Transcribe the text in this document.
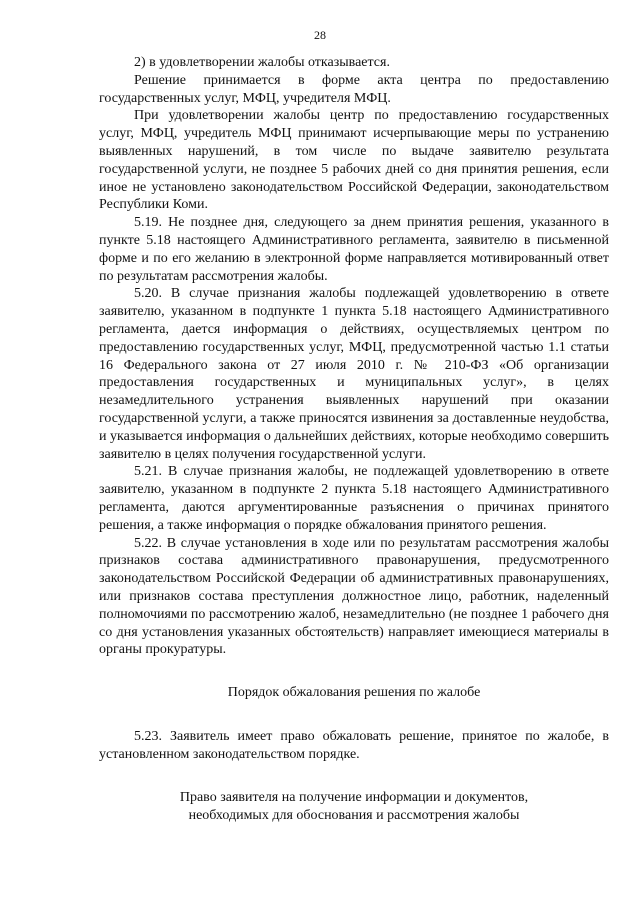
28

2) в удовлетворении жалобы отказывается.

Решение принимается в форме акта центра по предоставлению государственных услуг, МФЦ, учредителя МФЦ.

При удовлетворении жалобы центр по предоставлению государственных услуг, МФЦ, учредитель МФЦ принимают исчерпывающие меры по устранению выявленных нарушений, в том числе по выдаче заявителю результата государственной услуги, не позднее 5 рабочих дней со дня принятия решения, если иное не установлено законодательством Российской Федерации, законодательством Республики Коми.

5.19. Не позднее дня, следующего за днем принятия решения, указанного в пункте 5.18 настоящего Административного регламента, заявителю в письменной форме и по его желанию в электронной форме направляется мотивированный ответ по результатам рассмотрения жалобы.

5.20. В случае признания жалобы подлежащей удовлетворению в ответе заявителю, указанном в подпункте 1 пункта 5.18 настоящего Административного регламента, дается информация о действиях, осуществляемых центром по предоставлению государственных услуг, МФЦ, предусмотренной частью 1.1 статьи 16 Федерального закона от 27 июля 2010 г. № 210-ФЗ «Об организации предоставления государственных и муниципальных услуг», в целях незамедлительного устранения выявленных нарушений при оказании государственной услуги, а также приносятся извинения за доставленные неудобства, и указывается информация о дальнейших действиях, которые необходимо совершить заявителю в целях получения государственной услуги.

5.21. В случае признания жалобы, не подлежащей удовлетворению в ответе заявителю, указанном в подпункте 2 пункта 5.18 настоящего Административного регламента, даются аргументированные разъяснения о причинах принятого решения, а также информация о порядке обжалования принятого решения.

5.22. В случае установления в ходе или по результатам рассмотрения жалобы признаков состава административного правонарушения, предусмотренного законодательством Российской Федерации об административных правонарушениях, или признаков состава преступления должностное лицо, работник, наделенный полномочиями по рассмотрению жалоб, незамедлительно (не позднее 1 рабочего дня со дня установления указанных обстоятельств) направляет имеющиеся материалы в органы прокуратуры.

Порядок обжалования решения по жалобе

5.23. Заявитель имеет право обжаловать решение, принятое по жалобе, в установленном законодательством порядке.

Право заявителя на получение информации и документов,

необходимых для обоснования и рассмотрения жалобы
